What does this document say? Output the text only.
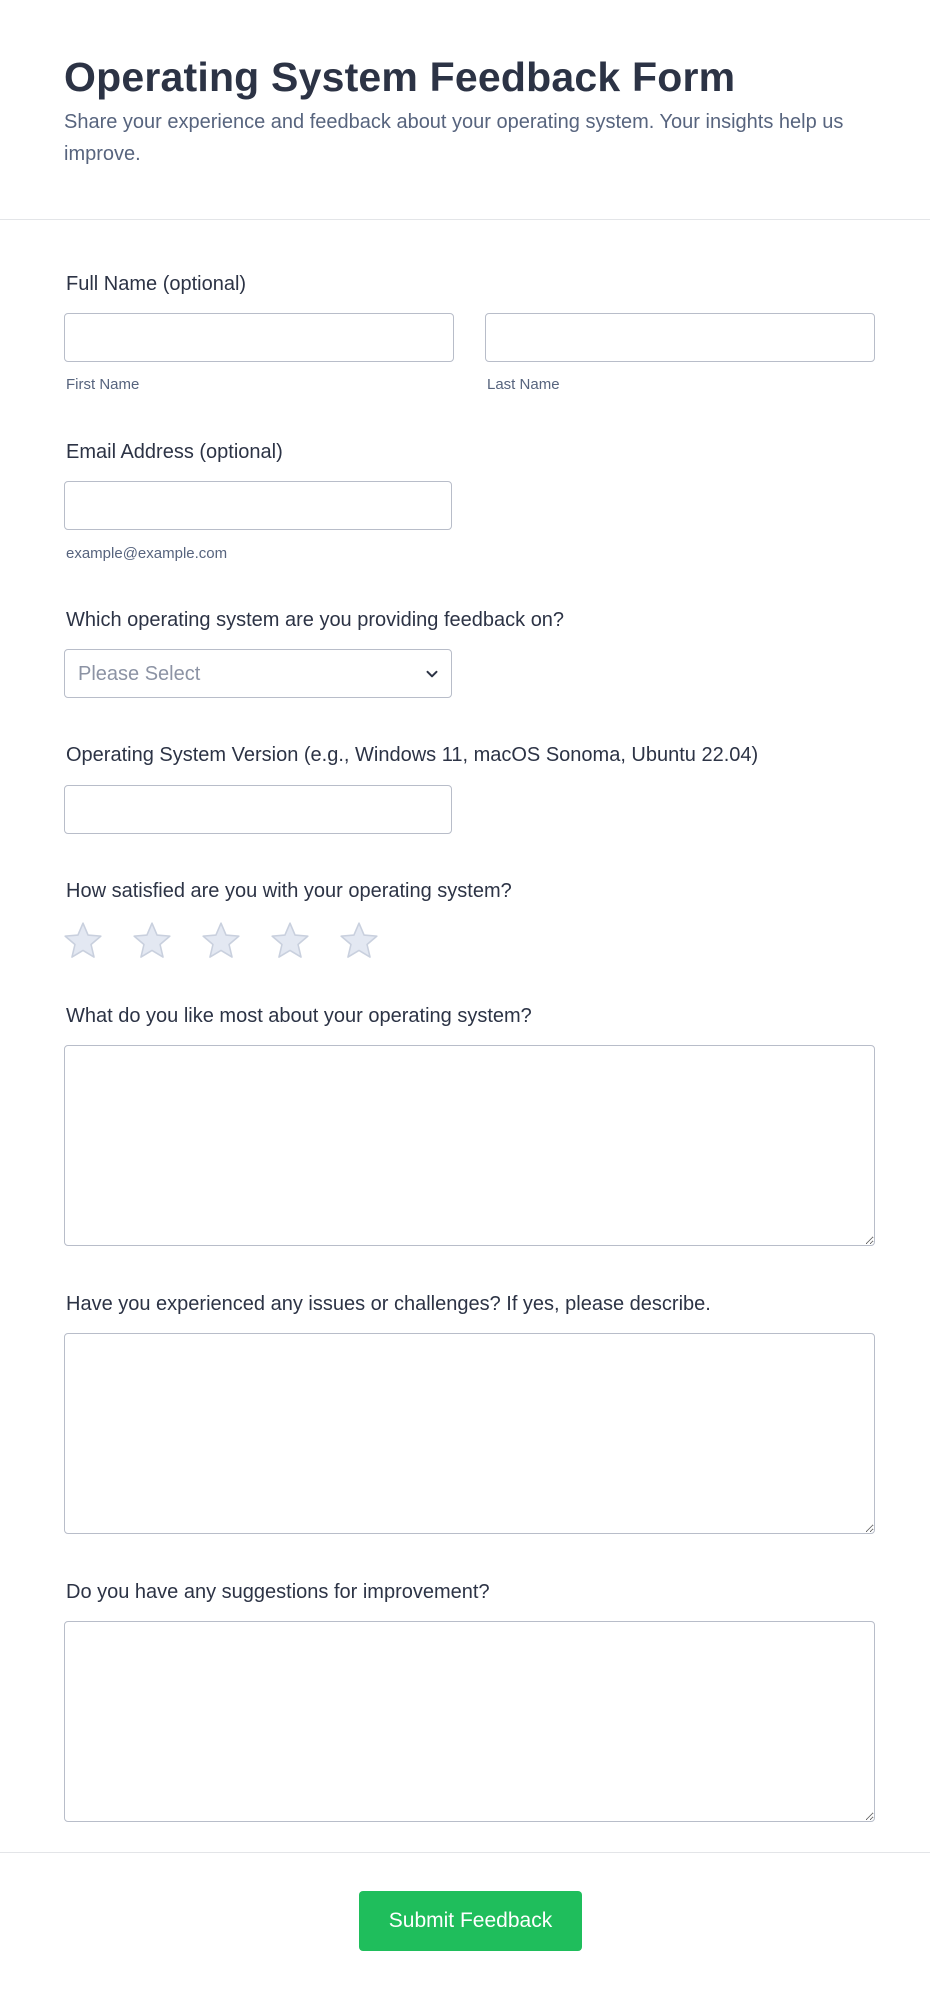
Operating System Feedback Form

Share your experience and feedback about your operating system. Your insights help us improve.

Full Name (optional)

First Name	Last Name

Email Address (optional)

example@example.com

Which operating system are you providing feedback on?

Please Select

Operating System Version (e.g., Windows 11, macOS Sonoma, Ubuntu 22.04)

How satisfied are you with your operating system?

What do you like most about your operating system?

Have you experienced any issues or challenges? If yes, please describe.

Do you have any suggestions for improvement?

Submit Feedback
